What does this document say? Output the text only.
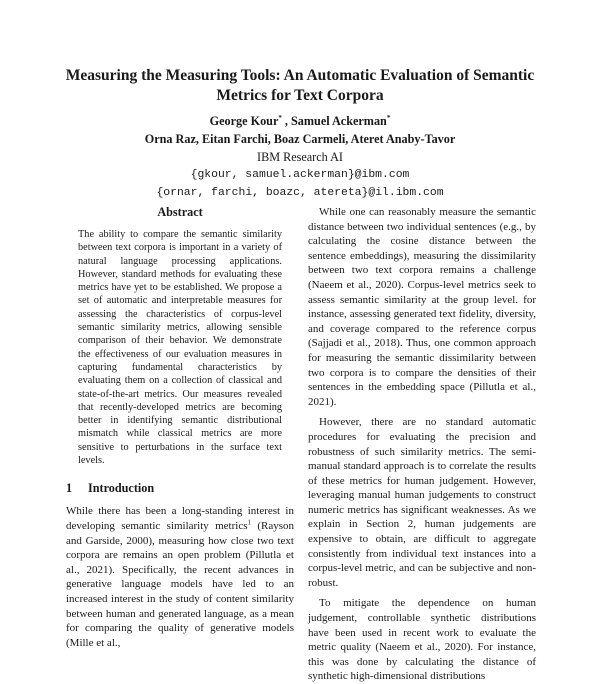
Measuring the Measuring Tools: An Automatic Evaluation of Semantic Metrics for Text Corpora
George Kour* , Samuel Ackerman*
Orna Raz, Eitan Farchi, Boaz Carmeli, Ateret Anaby-Tavor
IBM Research AI
{gkour, samuel.ackerman}@ibm.com
{ornar, farchi, boazc, atereta}@il.ibm.com
Abstract

The ability to compare the semantic similarity between text corpora is important in a variety of natural language processing applications. However, standard methods for evaluating these metrics have yet to be established. We propose a set of automatic and interpretable measures for assessing the characteristics of corpus-level semantic similarity metrics, allowing sensible comparison of their behavior. We demonstrate the effectiveness of our evaluation measures in capturing fundamental characteristics by evaluating them on a collection of classical and state-of-the-art metrics. Our measures revealed that recently-developed metrics are becoming better in identifying semantic distributional mismatch while classical metrics are more sensitive to perturbations in the surface text levels.

1 Introduction

While there has been a long-standing interest in developing semantic similarity metrics$^1$ (Rayson and Garside, 2000), measuring how close two text corpora are remains an open problem (Pillutla et al., 2021). Specifically, the recent advances in generative language models have led to an increased interest in the study of content similarity between human and generated language, as a mean for comparing the quality of generative models (Mille et al.,

While one can reasonably measure the semantic distance between two individual sentences (e.g., by calculating the cosine distance between the sentence embeddings), measuring the dissimilarity between two text corpora remains a challenge (Naeem et al., 2020). Corpus-level metrics seek to assess semantic similarity at the group level. for instance, assessing generated text fidelity, diversity, and coverage compared to the reference corpus (Sajjadi et al., 2018). Thus, one common approach for measuring the semantic dissimilarity between two corpora is to compare the densities of their sentences in the embedding space (Pillutla et al., 2021).

However, there are no standard automatic procedures for evaluating the precision and robustness of such similarity metrics. The semi-manual standard approach is to correlate the results of these metrics for human judgement. However, leveraging manual human judgements to construct numeric metrics has significant weaknesses. As we explain in Section 2, human judgements are expensive to obtain, are difficult to aggregate consistently from individual text instances into a corpus-level metric, and can be subjective and non-robust.

To mitigate the dependence on human judgement, controllable synthetic distributions have been used in recent work to evaluate the metric quality (Naeem et al., 2020). For instance, this was done by calculating the distance of synthetic high-dimensional distributions
